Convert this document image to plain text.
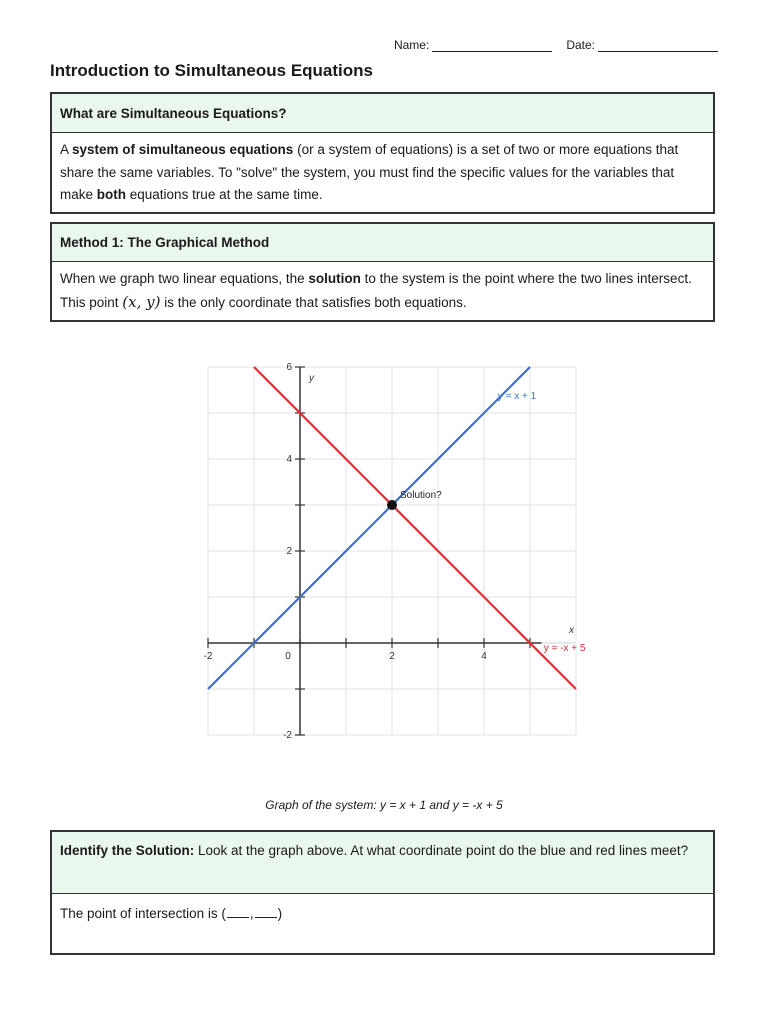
Name:	Date:
Introduction to Simultaneous Equations
What are Simultaneous Equations?
A system of simultaneous equations (or a system of equations) is a set of two or more equations that share the same variables. To "solve" the system, you must find the specific values for the variables that make both equations true at the same time.
Method 1: The Graphical Method
When we graph two linear equations, the solution to the system is the point where the two lines intersect. This point (x, y) is the only coordinate that satisfies both equations.
-2	0	2	4
-2
2
4
6
x
y
y = x + 1
y = -x + 5
Solution?
Graph of the system: y = x + 1 and y = -x + 5
Identify the Solution: Look at the graph above. At what coordinate point do the blue and red lines meet?
The point of intersection is ( , )
